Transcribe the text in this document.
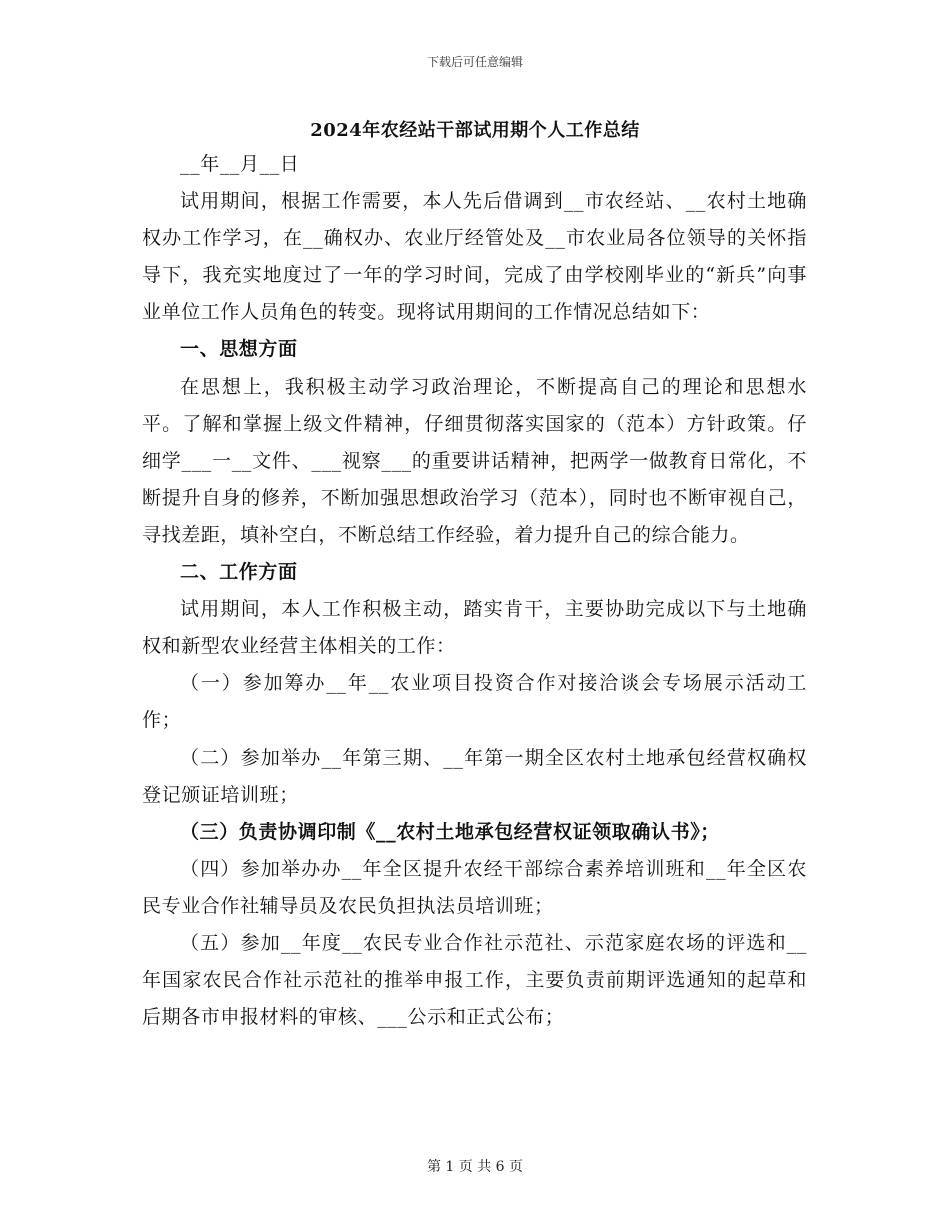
下载后可任意编辑
2024年农经站干部试用期个人工作总结

__年__月__日

试用期间，根据工作需要，本人先后借调到__市农经站、__农村土地确权办工作学习，在__确权办、农业厅经管处及__市农业局各位领导的关怀指导下，我充实地度过了一年的学习时间，完成了由学校刚毕业的“新兵”向事业单位工作人员角色的转变。现将试用期间的工作情况总结如下：

一、思想方面

在思想上，我积极主动学习政治理论，不断提高自己的理论和思想水平。了解和掌握上级文件精神，仔细贯彻落实国家的（范本）方针政策。仔细学___一__文件、___视察___的重要讲话精神，把两学一做教育日常化，不断提升自身的修养，不断加强思想政治学习（范本），同时也不断审视自己，寻找差距，填补空白，不断总结工作经验，着力提升自己的综合能力。

二、工作方面

试用期间，本人工作积极主动，踏实肯干，主要协助完成以下与土地确权和新型农业经营主体相关的工作：

（一）参加筹办__年__农业项目投资合作对接洽谈会专场展示活动工作；

（二）参加举办__年第三期、__年第一期全区农村土地承包经营权确权登记颁证培训班；

（三）负责协调印制《__农村土地承包经营权证领取确认书》；

（四）参加举办办__年全区提升农经干部综合素养培训班和__年全区农民专业合作社辅导员及农民负担执法员培训班；

（五）参加__年度__农民专业合作社示范社、示范家庭农场的评选和__年国家农民合作社示范社的推举申报工作，主要负责前期评选通知的起草和后期各市申报材料的审核、___公示和正式公布；

第 1 页 共 6 页
